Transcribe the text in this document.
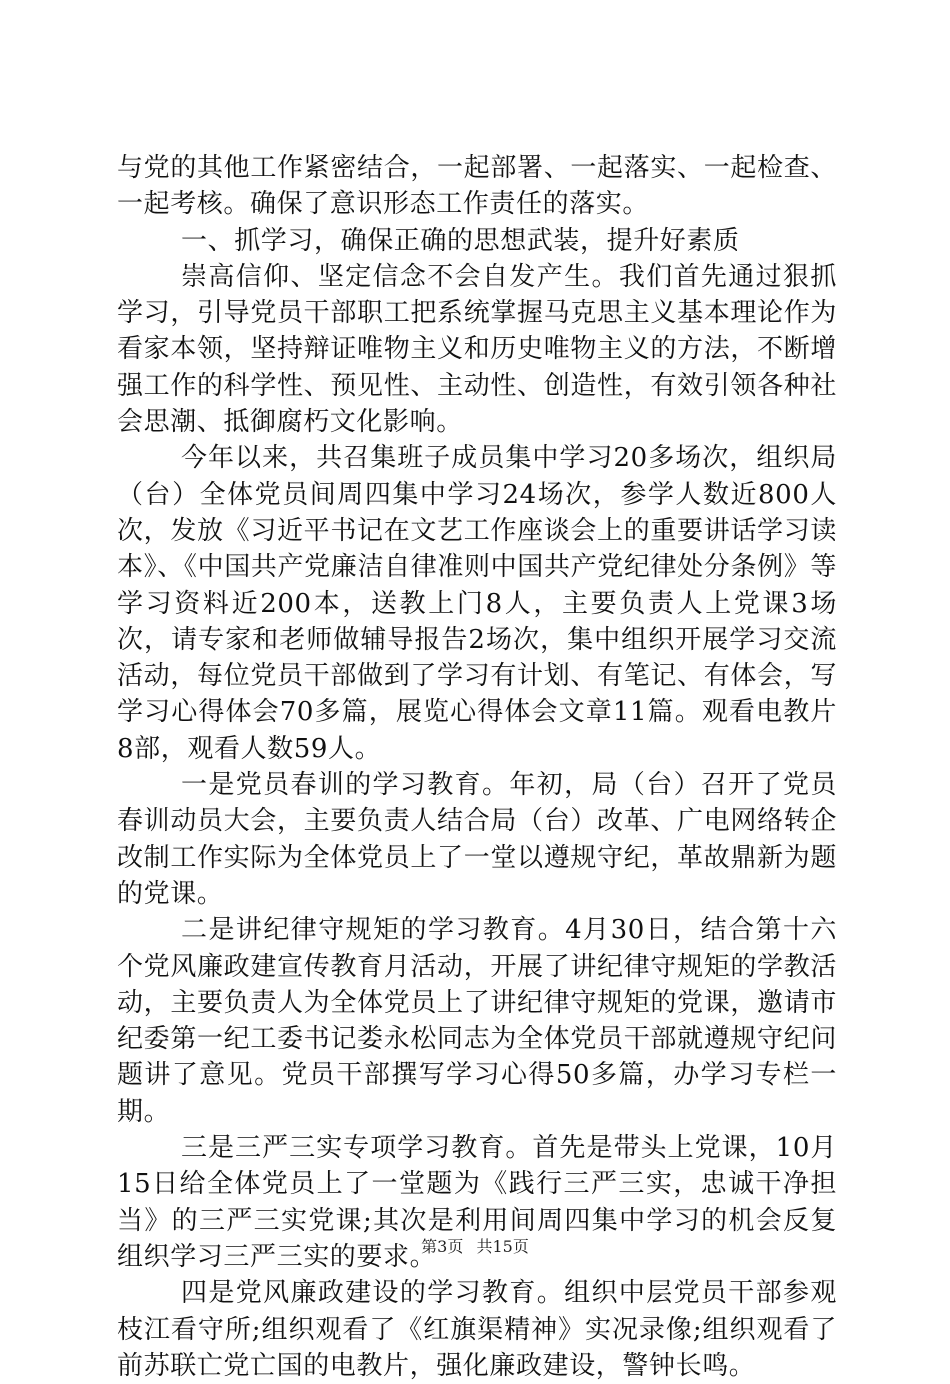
与党的其他工作紧密结合，一起部署、一起落实、一起检查、一起考核。确保了意识形态工作责任的落实。

一、抓学习，确保正确的思想武装，提升好素质

崇高信仰、坚定信念不会自发产生。我们首先通过狠抓学习，引导党员干部职工把系统掌握马克思主义基本理论作为看家本领，坚持辩证唯物主义和历史唯物主义的方法，不断增强工作的科学性、预见性、主动性、创造性，有效引领各种社会思潮、抵御腐朽文化影响。

今年以来，共召集班子成员集中学习20多场次，组织局（台）全体党员间周四集中学习24场次，参学人数近800人次，发放《习近平书记在文艺工作座谈会上的重要讲话学习读本》、《中国共产党廉洁自律准则中国共产党纪律处分条例》等学习资料近200本，送教上门8人，主要负责人上党课3场次，请专家和老师做辅导报告2场次，集中组织开展学习交流活动，每位党员干部做到了学习有计划、有笔记、有体会，写学习心得体会70多篇，展览心得体会文章11篇。观看电教片8部，观看人数59人。

一是党员春训的学习教育。年初，局（台）召开了党员春训动员大会，主要负责人结合局（台）改革、广电网络转企改制工作实际为全体党员上了一堂以遵规守纪，革故鼎新为题的党课。

二是讲纪律守规矩的学习教育。4月30日，结合第十六个党风廉政建宣传教育月活动，开展了讲纪律守规矩的学教活动，主要负责人为全体党员上了讲纪律守规矩的党课，邀请市纪委第一纪工委书记娄永松同志为全体党员干部就遵规守纪问题讲了意见。党员干部撰写学习心得50多篇，办学习专栏一期。

三是三严三实专项学习教育。首先是带头上党课，10月15日给全体党员上了一堂题为《践行三严三实，忠诚干净担当》的三严三实党课;其次是利用间周四集中学习的机会反复组织学习三严三实的要求。

四是党风廉政建设的学习教育。组织中层党员干部参观枝江看守所;组织观看了《红旗渠精神》实况录像;组织观看了前苏联亡党亡国的电教片，强化廉政建设，警钟长鸣。

第3页 共15页
